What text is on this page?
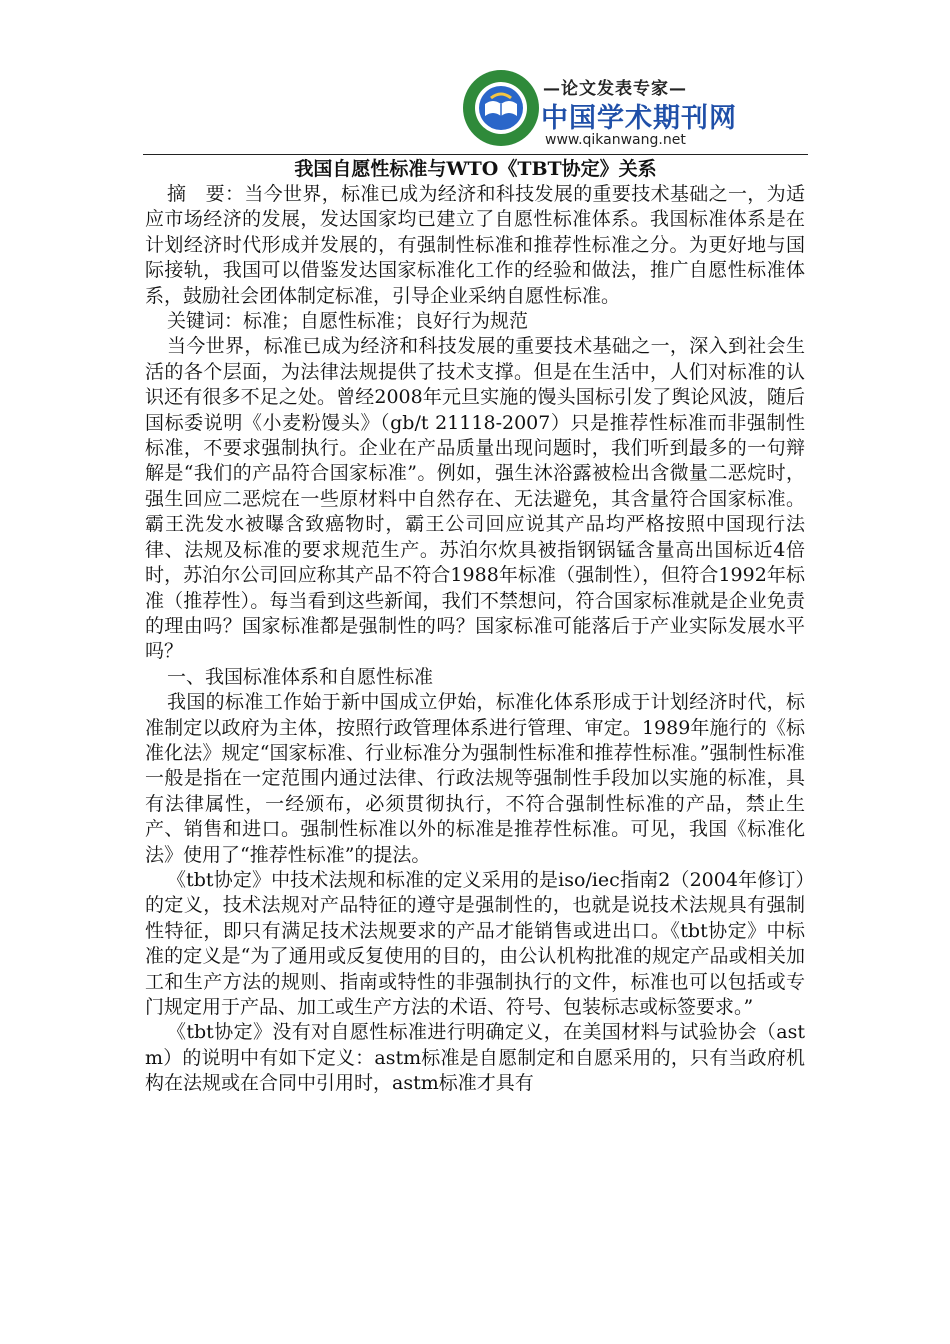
—论文发表专家—
中国学术期刊网
www.qikanwang.net
我国自愿性标准与WTO《TBT协定》关系

摘　要：当今世界，标准已成为经济和科技发展的重要技术基础之一，为适应市场经济的发展，发达国家均已建立了自愿性标准体系。我国标准体系是在计划经济时代形成并发展的，有强制性标准和推荐性标准之分。为更好地与国际接轨，我国可以借鉴发达国家标准化工作的经验和做法，推广自愿性标准体系，鼓励社会团体制定标准，引导企业采纳自愿性标准。

关键词：标准；自愿性标准；良好行为规范

当今世界，标准已成为经济和科技发展的重要技术基础之一，深入到社会生活的各个层面，为法律法规提供了技术支撑。但是在生活中，人们对标准的认识还有很多不足之处。曾经2008年元旦实施的馒头国标引发了舆论风波，随后国标委说明《小麦粉馒头》（gb/t 21118-2007）只是推荐性标准而非强制性标准，不要求强制执行。企业在产品质量出现问题时，我们听到最多的一句辩解是“我们的产品符合国家标准”。例如，强生沐浴露被检出含微量二恶烷时，强生回应二恶烷在一些原材料中自然存在、无法避免，其含量符合国家标准。霸王洗发水被曝含致癌物时，霸王公司回应说其产品均严格按照中国现行法律、法规及标准的要求规范生产。苏泊尔炊具被指钢锅锰含量高出国标近4倍时，苏泊尔公司回应称其产品不符合1988年标准（强制性），但符合1992年标准（推荐性）。每当看到这些新闻，我们不禁想问，符合国家标准就是企业免责的理由吗？国家标准都是强制性的吗？国家标准可能落后于产业实际发展水平吗？

一、我国标准体系和自愿性标准

我国的标准工作始于新中国成立伊始，标准化体系形成于计划经济时代，标准制定以政府为主体，按照行政管理体系进行管理、审定。1989年施行的《标准化法》规定“国家标准、行业标准分为强制性标准和推荐性标准。”强制性标准一般是指在一定范围内通过法律、行政法规等强制性手段加以实施的标准，具有法律属性，一经颁布，必须贯彻执行，不符合强制性标准的产品，禁止生产、销售和进口。强制性标准以外的标准是推荐性标准。可见，我国《标准化法》使用了“推荐性标准”的提法。

《tbt协定》中技术法规和标准的定义采用的是iso/iec指南2（2004年修订）的定义，技术法规对产品特征的遵守是强制性的，也就是说技术法规具有强制性特征，即只有满足技术法规要求的产品才能销售或进出口。《tbt协定》中标准的定义是“为了通用或反复使用的目的，由公认机构批准的规定产品或相关加工和生产方法的规则、指南或特性的非强制执行的文件，标准也可以包括或专门规定用于产品、加工或生产方法的术语、符号、包装标志或标签要求。”

《tbt协定》没有对自愿性标准进行明确定义，在美国材料与试验协会（astm）的说明中有如下定义：astm标准是自愿制定和自愿采用的，只有当政府机构在法规或在合同中引用时，astm标准才具有
